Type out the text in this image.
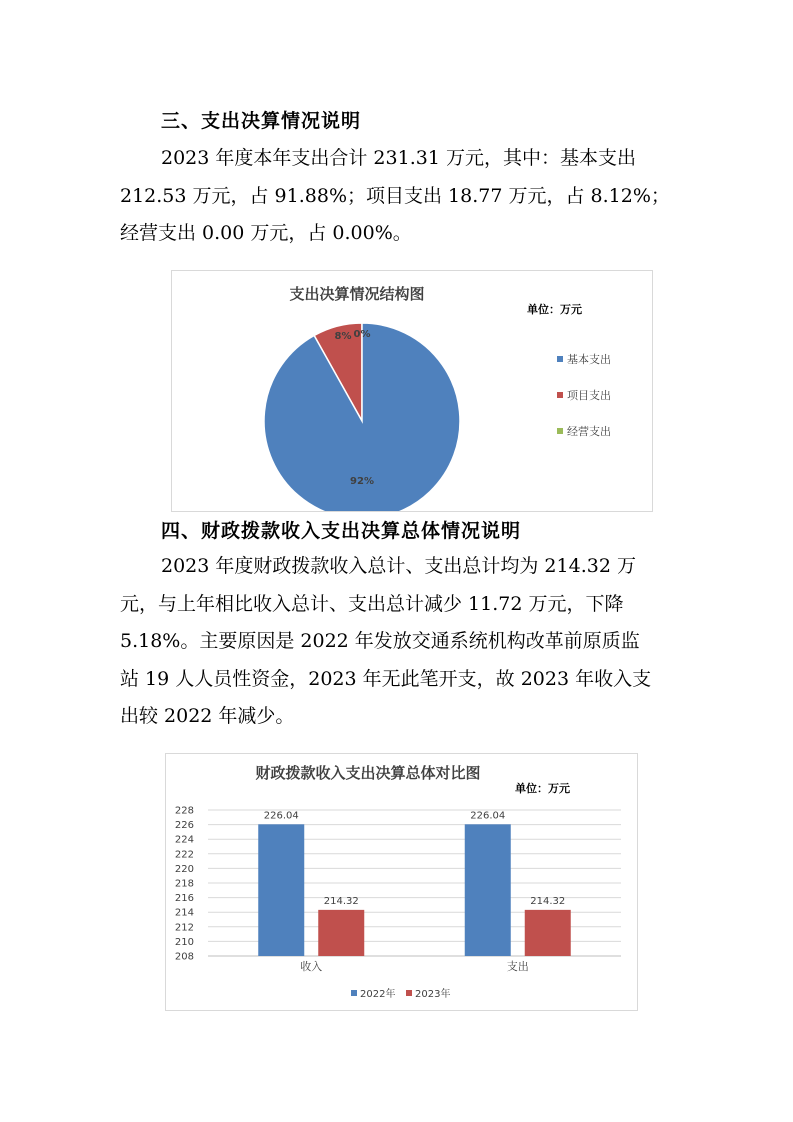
三、支出决算情况说明

2023 年度本年支出合计 231.31 万元，其中：基本支出

212.53 万元，占 91.88%；项目支出 18.77 万元，占 8.12%；

经营支出 0.00 万元，占 0.00%。

支出决算情况结构图
单位：万元
0%
8%
92%
基本支出
项目支出
经营支出
四、财政拨款收入支出决算总体情况说明

2023 年度财政拨款收入总计、支出总计均为 214.32 万

元，与上年相比收入总计、支出总计减少 11.72 万元，下降

5.18%。主要原因是 2022 年发放交通系统机构改革前原质监

站 19 人人员性资金，2023 年无此笔开支，故 2023 年收入支

出较 2022 年减少。

财政拨款收入支出决算总体对比图
单位：万元
228
226
224
222
220
218
216
214
212
210
208
226.04
214.32
收入
226.04
214.32
支出
2022年 2023年
